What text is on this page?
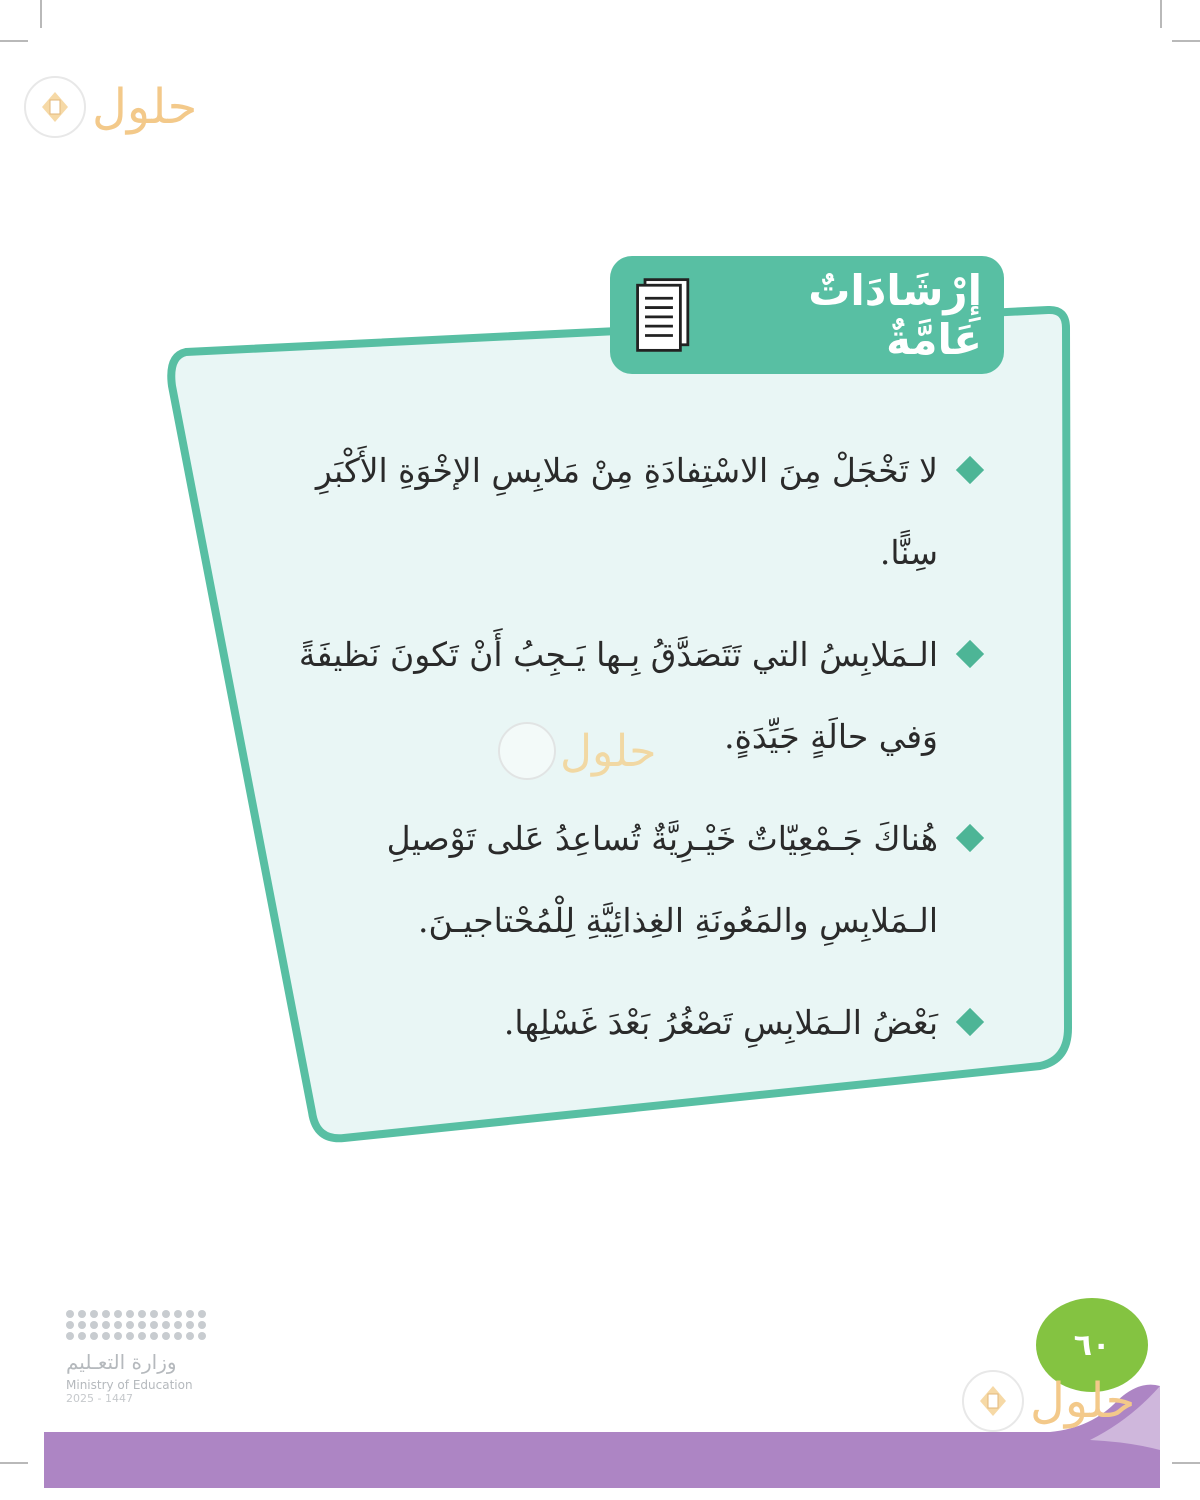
حلول
إِرْشَادَاتٌ عَامَّةٌ
لا تَخْجَلْ مِنَ الاسْتِفادَةِ مِنْ مَلابِسِ الإخْوَةِ الأَكْبَرِ سِنًّا.
الـمَلابِسُ التي تَتَصَدَّقُ بِـها يَـجِبُ أَنْ تَكونَ نَظيفَةً وَفي حالَةٍ جَيِّدَةٍ.
هُناكَ جَـمْعِيّاتٌ خَيْـرِيَّةٌ تُساعِدُ عَلى تَوْصيلِ الـمَلابِسِ والمَعُونَةِ الغِذائِيَّةِ لِلْمُحْتاجيـنَ.
بَعْضُ الـمَلابِسِ تَصْغُرُ بَعْدَ غَسْلِها.
حلول
وزارة التعـليم
Ministry of Education
2025 - 1447
٦٠
حلول
